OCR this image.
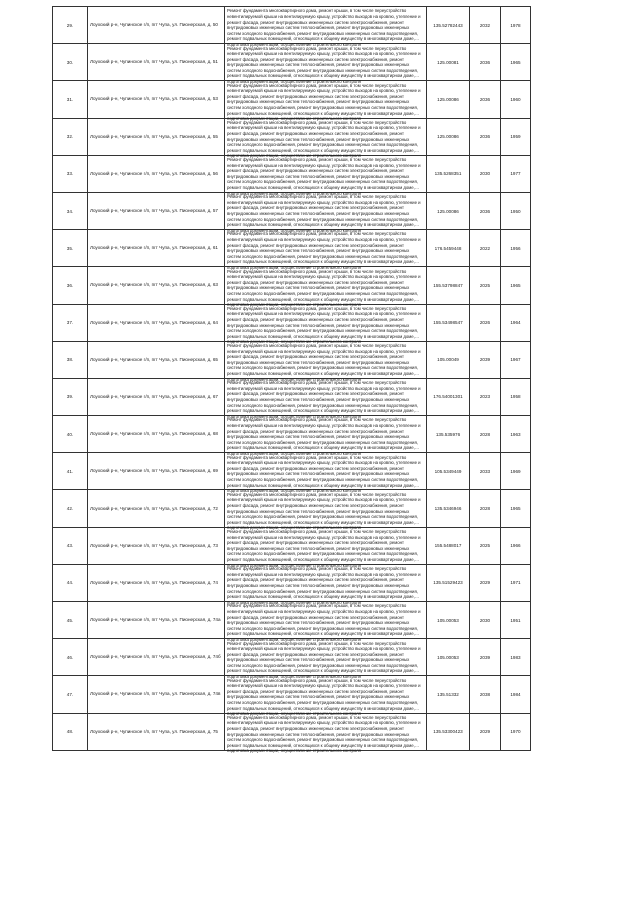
29.	Лоухский р-н, Чупинское г/п, пгт Чупа, ул. Пионерская, д. 50	Ремонт фундамента многоквартирного дома, ремонт крыши, в том числе переустройство невентилируемой крыши на вентилируемую крышу, устройство выходов на кровлю, утепление и ремонт фасада, ремонт внутридомовых инженерных систем электроснабжения, ремонт внутридомовых инженерных систем теплоснабжения, ремонт внутридомовых инженерных систем холодного водоснабжения, ремонт внутридомовых инженерных систем водоотведения, ремонт подвальных помещений, относящихся к общему имуществу в многоквартирном доме, подготовка документации, осуществление строительного контроля	135.52782443	2032	1978
30.	Лоухский р-н, Чупинское г/п, пгт Чупа, ул. Пионерская, д. 51	Ремонт фундамента многоквартирного дома, ремонт крыши, в том числе переустройство невентилируемой крыши на вентилируемую крышу, устройство выходов на кровлю, утепление и ремонт фасада, ремонт внутридомовых инженерных систем электроснабжения, ремонт внутридомовых инженерных систем теплоснабжения, ремонт внутридомовых инженерных систем холодного водоснабжения, ремонт внутридомовых инженерных систем водоотведения, ремонт подвальных помещений, относящихся к общему имуществу в многоквартирном доме, подготовка документации, осуществление строительного контроля	125.00081	2036	1965
31.	Лоухский р-н, Чупинское г/п, пгт Чупа, ул. Пионерская, д. 53	Ремонт фундамента многоквартирного дома, ремонт крыши, в том числе переустройство невентилируемой крыши на вентилируемую крышу, устройство выходов на кровлю, утепление и ремонт фасада, ремонт внутридомовых инженерных систем электроснабжения, ремонт внутридомовых инженерных систем теплоснабжения, ремонт внутридомовых инженерных систем холодного водоснабжения, ремонт внутридомовых инженерных систем водоотведения, ремонт подвальных помещений, относящихся к общему имуществу в многоквартирном доме, подготовка документации, осуществление строительного контроля	125.00086	2036	1960
32.	Лоухский р-н, Чупинское г/п, пгт Чупа, ул. Пионерская, д. 55	Ремонт фундамента многоквартирного дома, ремонт крыши, в том числе переустройство невентилируемой крыши на вентилируемую крышу, устройство выходов на кровлю, утепление и ремонт фасада, ремонт внутридомовых инженерных систем электроснабжения, ремонт внутридомовых инженерных систем теплоснабжения, ремонт внутридомовых инженерных систем холодного водоснабжения, ремонт внутридомовых инженерных систем водоотведения, ремонт подвальных помещений, относящихся к общему имуществу в многоквартирном доме, подготовка документации, осуществление строительного контроля	125.00086	2036	1959
33.	Лоухский р-н, Чупинское г/п, пгт Чупа, ул. Пионерская, д. 56	Ремонт фундамента многоквартирного дома, ремонт крыши, в том числе переустройство невентилируемой крыши на вентилируемую крышу, устройство выходов на кровлю, утепление и ремонт фасада, ремонт внутридомовых инженерных систем электроснабжения, ремонт внутридомовых инженерных систем теплоснабжения, ремонт внутридомовых инженерных систем холодного водоснабжения, ремонт внутридомовых инженерных систем водоотведения, ремонт подвальных помещений, относящихся к общему имуществу в многоквартирном доме, подготовка документации, осуществление строительного контроля	135.5268351	2030	1977
34.	Лоухский р-н, Чупинское г/п, пгт Чупа, ул. Пионерская, д. 57	Ремонт фундамента многоквартирного дома, ремонт крыши, в том числе переустройство невентилируемой крыши на вентилируемую крышу, устройство выходов на кровлю, утепление и ремонт фасада, ремонт внутридомовых инженерных систем электроснабжения, ремонт внутридомовых инженерных систем теплоснабжения, ремонт внутридомовых инженерных систем холодного водоснабжения, ремонт внутридомовых инженерных систем водоотведения, ремонт подвальных помещений, относящихся к общему имуществу в многоквартирном доме, подготовка документации, осуществление строительного контроля	125.00086	2036	1950
35.	Лоухский р-н, Чупинское г/п, пгт Чупа, ул. Пионерская, д. 61	Ремонт фундамента многоквартирного дома, ремонт крыши, в том числе переустройство невентилируемой крыши на вентилируемую крышу, устройство выходов на кровлю, утепление и ремонт фасада, ремонт внутридомовых инженерных систем электроснабжения, ремонт внутридомовых инженерных систем теплоснабжения, ремонт внутридомовых инженерных систем холодного водоснабжения, ремонт внутридомовых инженерных систем водоотведения, ремонт подвальных помещений, относящихся к общему имуществу в многоквартирном доме, подготовка документации, осуществление строительного контроля	176.5459448	2022	1956
36.	Лоухский р-н, Чупинское г/п, пгт Чупа, ул. Пионерская, д. 63	Ремонт фундамента многоквартирного дома, ремонт крыши, в том числе переустройство невентилируемой крыши на вентилируемую крышу, устройство выходов на кровлю, утепление и ремонт фасада, ремонт внутридомовых инженерных систем электроснабжения, ремонт внутридомовых инженерных систем теплоснабжения, ремонт внутридомовых инженерных систем холодного водоснабжения, ремонт внутридомовых инженерных систем водоотведения, ремонт подвальных помещений, относящихся к общему имуществу в многоквартирном доме, подготовка документации, осуществление строительного контроля	155.53798847	2025	1965
37.	Лоухский р-н, Чупинское г/п, пгт Чупа, ул. Пионерская, д. 64	Ремонт фундамента многоквартирного дома, ремонт крыши, в том числе переустройство невентилируемой крыши на вентилируемую крышу, устройство выходов на кровлю, утепление и ремонт фасада, ремонт внутридомовых инженерных систем электроснабжения, ремонт внутридомовых инженерных систем теплоснабжения, ремонт внутридомовых инженерных систем холодного водоснабжения, ремонт внутридомовых инженерных систем водоотведения, ремонт подвальных помещений, относящихся к общему имуществу в многоквартирном доме, подготовка документации, осуществление строительного контроля	155.53498547	2026	1964
38.	Лоухский р-н, Чупинское г/п, пгт Чупа, ул. Пионерская, д. 65	Ремонт фундамента многоквартирного дома, ремонт крыши, в том числе переустройство невентилируемой крыши на вентилируемую крышу, устройство выходов на кровлю, утепление и ремонт фасада, ремонт внутридомовых инженерных систем электроснабжения, ремонт внутридомовых инженерных систем теплоснабжения, ремонт внутридомовых инженерных систем холодного водоснабжения, ремонт внутридомовых инженерных систем водоотведения, ремонт подвальных помещений, относящихся к общему имуществу в многоквартирном доме, подготовка документации, осуществление строительного контроля	105.00049	2039	1967
39.	Лоухский р-н, Чупинское г/п, пгт Чупа, ул. Пионерская, д. 67	Ремонт фундамента многоквартирного дома, ремонт крыши, в том числе переустройство невентилируемой крыши на вентилируемую крышу, устройство выходов на кровлю, утепление и ремонт фасада, ремонт внутридомовых инженерных систем электроснабжения, ремонт внутридомовых инженерных систем теплоснабжения, ремонт внутридомовых инженерных систем холодного водоснабжения, ремонт внутридомовых инженерных систем водоотведения, ремонт подвальных помещений, относящихся к общему имуществу в многоквартирном доме, подготовка документации, осуществление строительного контроля	176.54001301	2023	1958
40.	Лоухский р-н, Чупинское г/п, пгт Чупа, ул. Пионерская, д. 68	Ремонт фундамента многоквартирного дома, ремонт крыши, в том числе переустройство невентилируемой крыши на вентилируемую крышу, устройство выходов на кровлю, утепление и ремонт фасада, ремонт внутридомовых инженерных систем электроснабжения, ремонт внутридомовых инженерных систем теплоснабжения, ремонт внутридомовых инженерных систем холодного водоснабжения, ремонт внутридомовых инженерных систем водоотведения, ремонт подвальных помещений, относящихся к общему имуществу в многоквартирном доме, подготовка документации, осуществление строительного контроля	135.535976	2028	1963
41.	Лоухский р-н, Чупинское г/п, пгт Чупа, ул. Пионерская, д. 69	Ремонт фундамента многоквартирного дома, ремонт крыши, в том числе переустройство невентилируемой крыши на вентилируемую крышу, устройство выходов на кровлю, утепление и ремонт фасада, ремонт внутридомовых инженерных систем электроснабжения, ремонт внутридомовых инженерных систем теплоснабжения, ремонт внутридомовых инженерных систем холодного водоснабжения, ремонт внутридомовых инженерных систем водоотведения, ремонт подвальных помещений, относящихся к общему имуществу в многоквартирном доме, подготовка документации, осуществление строительного контроля	105.5349449	2033	1969
42.	Лоухский р-н, Чупинское г/п, пгт Чупа, ул. Пионерская, д. 72	Ремонт фундамента многоквартирного дома, ремонт крыши, в том числе переустройство невентилируемой крыши на вентилируемую крышу, устройство выходов на кровлю, утепление и ремонт фасада, ремонт внутридомовых инженерных систем электроснабжения, ремонт внутридомовых инженерных систем теплоснабжения, ремонт внутридомовых инженерных систем холодного водоснабжения, ремонт внутридомовых инженерных систем водоотведения, ремонт подвальных помещений, относящихся к общему имуществу в многоквартирном доме, подготовка документации, осуществление строительного контроля	135.5346946	2028	1965
43.	Лоухский р-н, Чупинское г/п, пгт Чупа, ул. Пионерская, д. 73	Ремонт фундамента многоквартирного дома, ремонт крыши, в том числе переустройство невентилируемой крыши на вентилируемую крышу, устройство выходов на кровлю, утепление и ремонт фасада, ремонт внутридомовых инженерных систем электроснабжения, ремонт внутридомовых инженерных систем теплоснабжения, ремонт внутридомовых инженерных систем холодного водоснабжения, ремонт внутридомовых инженерных систем водоотведения, ремонт подвальных помещений, относящихся к общему имуществу в многоквартирном доме, подготовка документации, осуществление строительного контроля	155.5488017	2025	1966
44.	Лоухский р-н, Чупинское г/п, пгт Чупа, ул. Пионерская, д. 74	Ремонт фундамента многоквартирного дома, ремонт крыши, в том числе переустройство невентилируемой крыши на вентилируемую крышу, устройство выходов на кровлю, утепление и ремонт фасада, ремонт внутридомовых инженерных систем электроснабжения, ремонт внутридомовых инженерных систем теплоснабжения, ремонт внутридомовых инженерных систем холодного водоснабжения, ремонт внутридомовых инженерных систем водоотведения, ремонт подвальных помещений, относящихся к общему имуществу в многоквартирном доме, подготовка документации, осуществление строительного контроля	135.51529423	2029	1971
45.	Лоухский р-н, Чупинское г/п, пгт Чупа, ул. Пионерская, д. 74а	Ремонт фундамента многоквартирного дома, ремонт крыши, в том числе переустройство невентилируемой крыши на вентилируемую крышу, устройство выходов на кровлю, утепление и ремонт фасада, ремонт внутридомовых инженерных систем электроснабжения, ремонт внутридомовых инженерных систем теплоснабжения, ремонт внутридомовых инженерных систем холодного водоснабжения, ремонт внутридомовых инженерных систем водоотведения, ремонт подвальных помещений, относящихся к общему имуществу в многоквартирном доме, подготовка документации, осуществление строительного контроля	105.00053	2030	1951
46.	Лоухский р-н, Чупинское г/п, пгт Чупа, ул. Пионерская, д. 74б	Ремонт фундамента многоквартирного дома, ремонт крыши, в том числе переустройство невентилируемой крыши на вентилируемую крышу, устройство выходов на кровлю, утепление и ремонт фасада, ремонт внутридомовых инженерных систем электроснабжения, ремонт внутридомовых инженерных систем теплоснабжения, ремонт внутридомовых инженерных систем холодного водоснабжения, ремонт внутридомовых инженерных систем водоотведения, ремонт подвальных помещений, относящихся к общему имуществу в многоквартирном доме, подготовка документации, осуществление строительного контроля	105.00053	2039	1983
47.	Лоухский р-н, Чупинское г/п, пгт Чупа, ул. Пионерская, д. 74в	Ремонт фундамента многоквартирного дома, ремонт крыши, в том числе переустройство невентилируемой крыши на вентилируемую крышу, устройство выходов на кровлю, утепление и ремонт фасада, ремонт внутридомовых инженерных систем электроснабжения, ремонт внутридомовых инженерных систем теплоснабжения, ремонт внутридомовых инженерных систем холодного водоснабжения, ремонт внутридомовых инженерных систем водоотведения, ремонт подвальных помещений, относящихся к общему имуществу в многоквартирном доме, подготовка документации, осуществление строительного контроля	135.51332	2038	1984
48.	Лоухский р-н, Чупинское г/п, пгт Чупа, ул. Пионерская, д. 75	Ремонт фундамента многоквартирного дома, ремонт крыши, в том числе переустройство невентилируемой крыши на вентилируемую крышу, устройство выходов на кровлю, утепление и ремонт фасада, ремонт внутридомовых инженерных систем электроснабжения, ремонт внутридомовых инженерных систем теплоснабжения, ремонт внутридомовых инженерных систем холодного водоснабжения, ремонт внутридомовых инженерных систем водоотведения, ремонт подвальных помещений, относящихся к общему имуществу в многоквартирном доме, подготовка документации, осуществление строительного контроля	135.53300423	2029	1970
